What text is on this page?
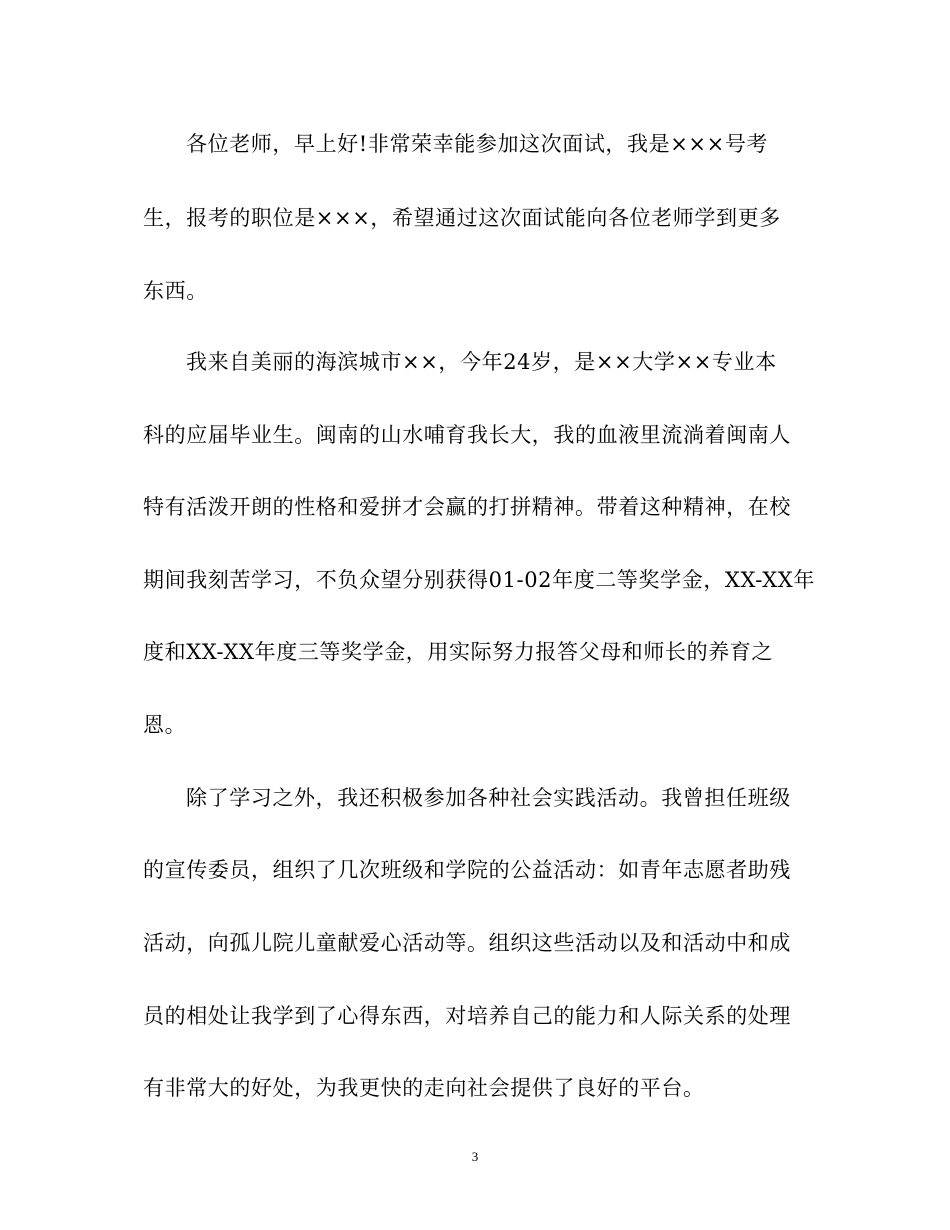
各位老师，早上好!非常荣幸能参加这次面试，我是×××号考
生，报考的职位是×××，希望通过这次面试能向各位老师学到更多
东西。
我来自美丽的海滨城市××，今年24岁，是××大学××专业本
科的应届毕业生。闽南的山水哺育我长大，我的血液里流淌着闽南人
特有活泼开朗的性格和爱拼才会赢的打拼精神。带着这种精神，在校
期间我刻苦学习，不负众望分别获得01-02年度二等奖学金，XX-XX年
度和XX-XX年度三等奖学金，用实际努力报答父母和师长的养育之
恩。
除了学习之外，我还积极参加各种社会实践活动。我曾担任班级
的宣传委员，组织了几次班级和学院的公益活动：如青年志愿者助残
活动，向孤儿院儿童献爱心活动等。组织这些活动以及和活动中和成
员的相处让我学到了心得东西，对培养自己的能力和人际关系的处理
有非常大的好处，为我更快的走向社会提供了良好的平台。
3
